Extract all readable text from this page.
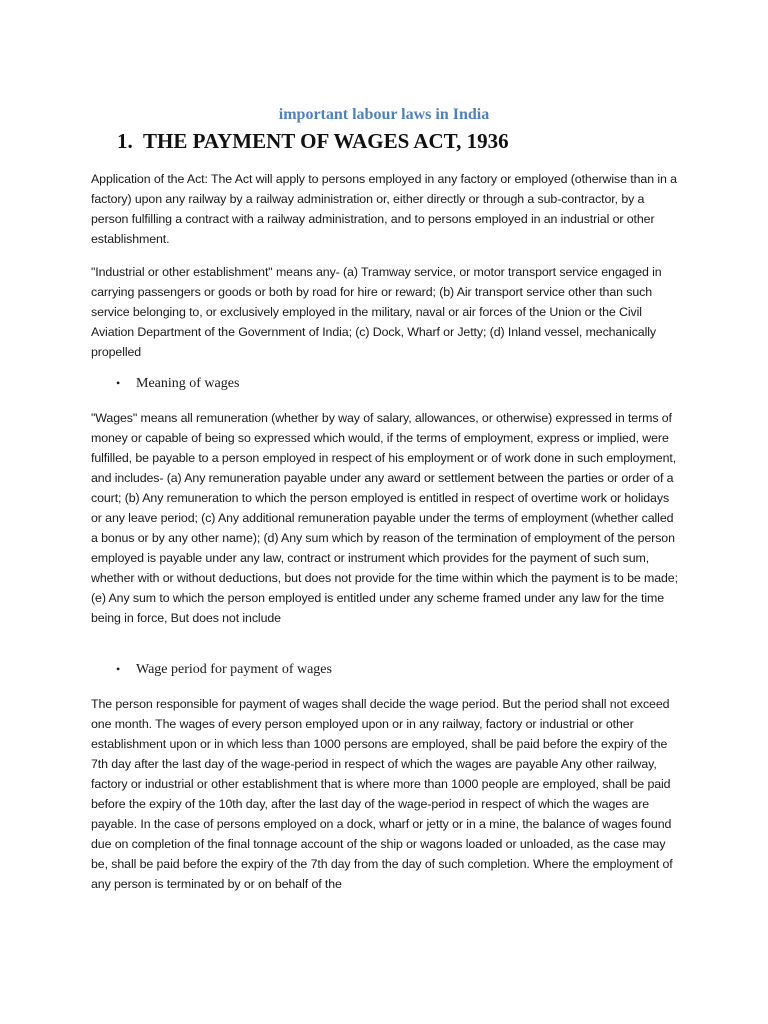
important labour laws in India
1. THE PAYMENT OF WAGES ACT, 1936

Application of the Act: The Act will apply to persons employed in any factory or employed (otherwise than in a factory) upon any railway by a railway administration or, either directly or through a sub-contractor, by a person fulfilling a contract with a railway administration, and to persons employed in an industrial or other establishment.

"Industrial or other establishment" means any- (a) Tramway service, or motor transport service engaged in carrying passengers or goods or both by road for hire or reward; (b) Air transport service other than such service belonging to, or exclusively employed in the military, naval or air forces of the Union or the Civil Aviation Department of the Government of India; (c) Dock, Wharf or Jetty; (d) Inland vessel, mechanically propelled

• Meaning of wages

"Wages" means all remuneration (whether by way of salary, allowances, or otherwise) expressed in terms of money or capable of being so expressed which would, if the terms of employment, express or implied, were fulfilled, be payable to a person employed in respect of his employment or of work done in such employment, and includes- (a) Any remuneration payable under any award or settlement between the parties or order of a court; (b) Any remuneration to which the person employed is entitled in respect of overtime work or holidays or any leave period; (c) Any additional remuneration payable under the terms of employment (whether called a bonus or by any other name); (d) Any sum which by reason of the termination of employment of the person employed is payable under any law, contract or instrument which provides for the payment of such sum, whether with or without deductions, but does not provide for the time within which the payment is to be made; (e) Any sum to which the person employed is entitled under any scheme framed under any law for the time being in force, But does not include

• Wage period for payment of wages

The person responsible for payment of wages shall decide the wage period. But the period shall not exceed one month. The wages of every person employed upon or in any railway, factory or industrial or other establishment upon or in which less than 1000 persons are employed, shall be paid before the expiry of the 7th day after the last day of the wage-period in respect of which the wages are payable Any other railway, factory or industrial or other establishment that is where more than 1000 people are employed, shall be paid before the expiry of the 10th day, after the last day of the wage-period in respect of which the wages are payable. In the case of persons employed on a dock, wharf or jetty or in a mine, the balance of wages found due on completion of the final tonnage account of the ship or wagons loaded or unloaded, as the case may be, shall be paid before the expiry of the 7th day from the day of such completion. Where the employment of any person is terminated by or on behalf of the
